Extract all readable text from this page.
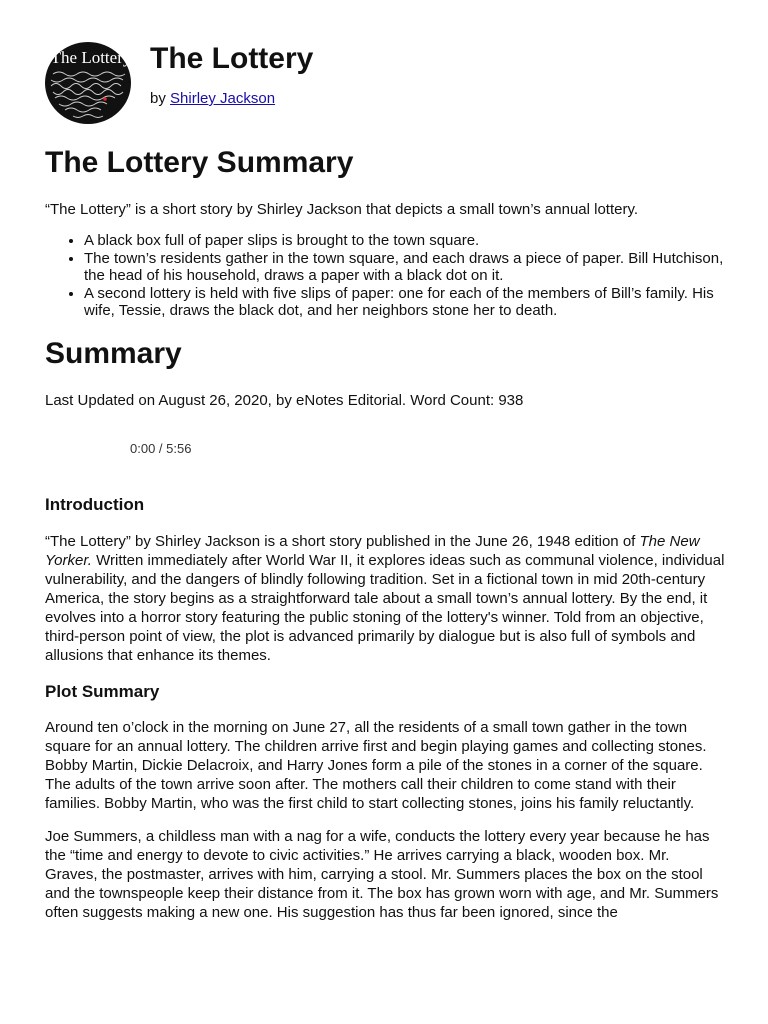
The Lottery The Lottery
by Shirley Jackson
The Lottery Summary

“The Lottery” is a short story by Shirley Jackson that depicts a small town’s annual lottery.

• A black box full of paper slips is brought to the town square.
• The town’s residents gather in the town square, and each draws a piece of paper. Bill Hutchison, the head of his household, draws a paper with a black dot on it.
• A second lottery is held with five slips of paper: one for each of the members of Bill’s family. His wife, Tessie, draws the black dot, and her neighbors stone her to death.
Summary

Last Updated on August 26, 2020, by eNotes Editorial. Word Count: 938

0:00 / 5:56
Introduction

“The Lottery” by Shirley Jackson is a short story published in the June 26, 1948 edition of The New Yorker. Written immediately after World War II, it explores ideas such as communal violence, individual vulnerability, and the dangers of blindly following tradition. Set in a fictional town in mid 20th-century America, the story begins as a straightforward tale about a small town’s annual lottery. By the end, it evolves into a horror story featuring the public stoning of the lottery's winner. Told from an objective, third-person point of view, the plot is advanced primarily by dialogue but is also full of symbols and allusions that enhance its themes.

Plot Summary

Around ten o’clock in the morning on June 27, all the residents of a small town gather in the town square for an annual lottery. The children arrive first and begin playing games and collecting stones. Bobby Martin, Dickie Delacroix, and Harry Jones form a pile of the stones in a corner of the square. The adults of the town arrive soon after. The mothers call their children to come stand with their families. Bobby Martin, who was the first child to start collecting stones, joins his family reluctantly.

Joe Summers, a childless man with a nag for a wife, conducts the lottery every year because he has the “time and energy to devote to civic activities.” He arrives carrying a black, wooden box. Mr. Graves, the postmaster, arrives with him, carrying a stool. Mr. Summers places the box on the stool and the townspeople keep their distance from it. The box has grown worn with age, and Mr. Summers often suggests making a new one. His suggestion has thus far been ignored, since the
